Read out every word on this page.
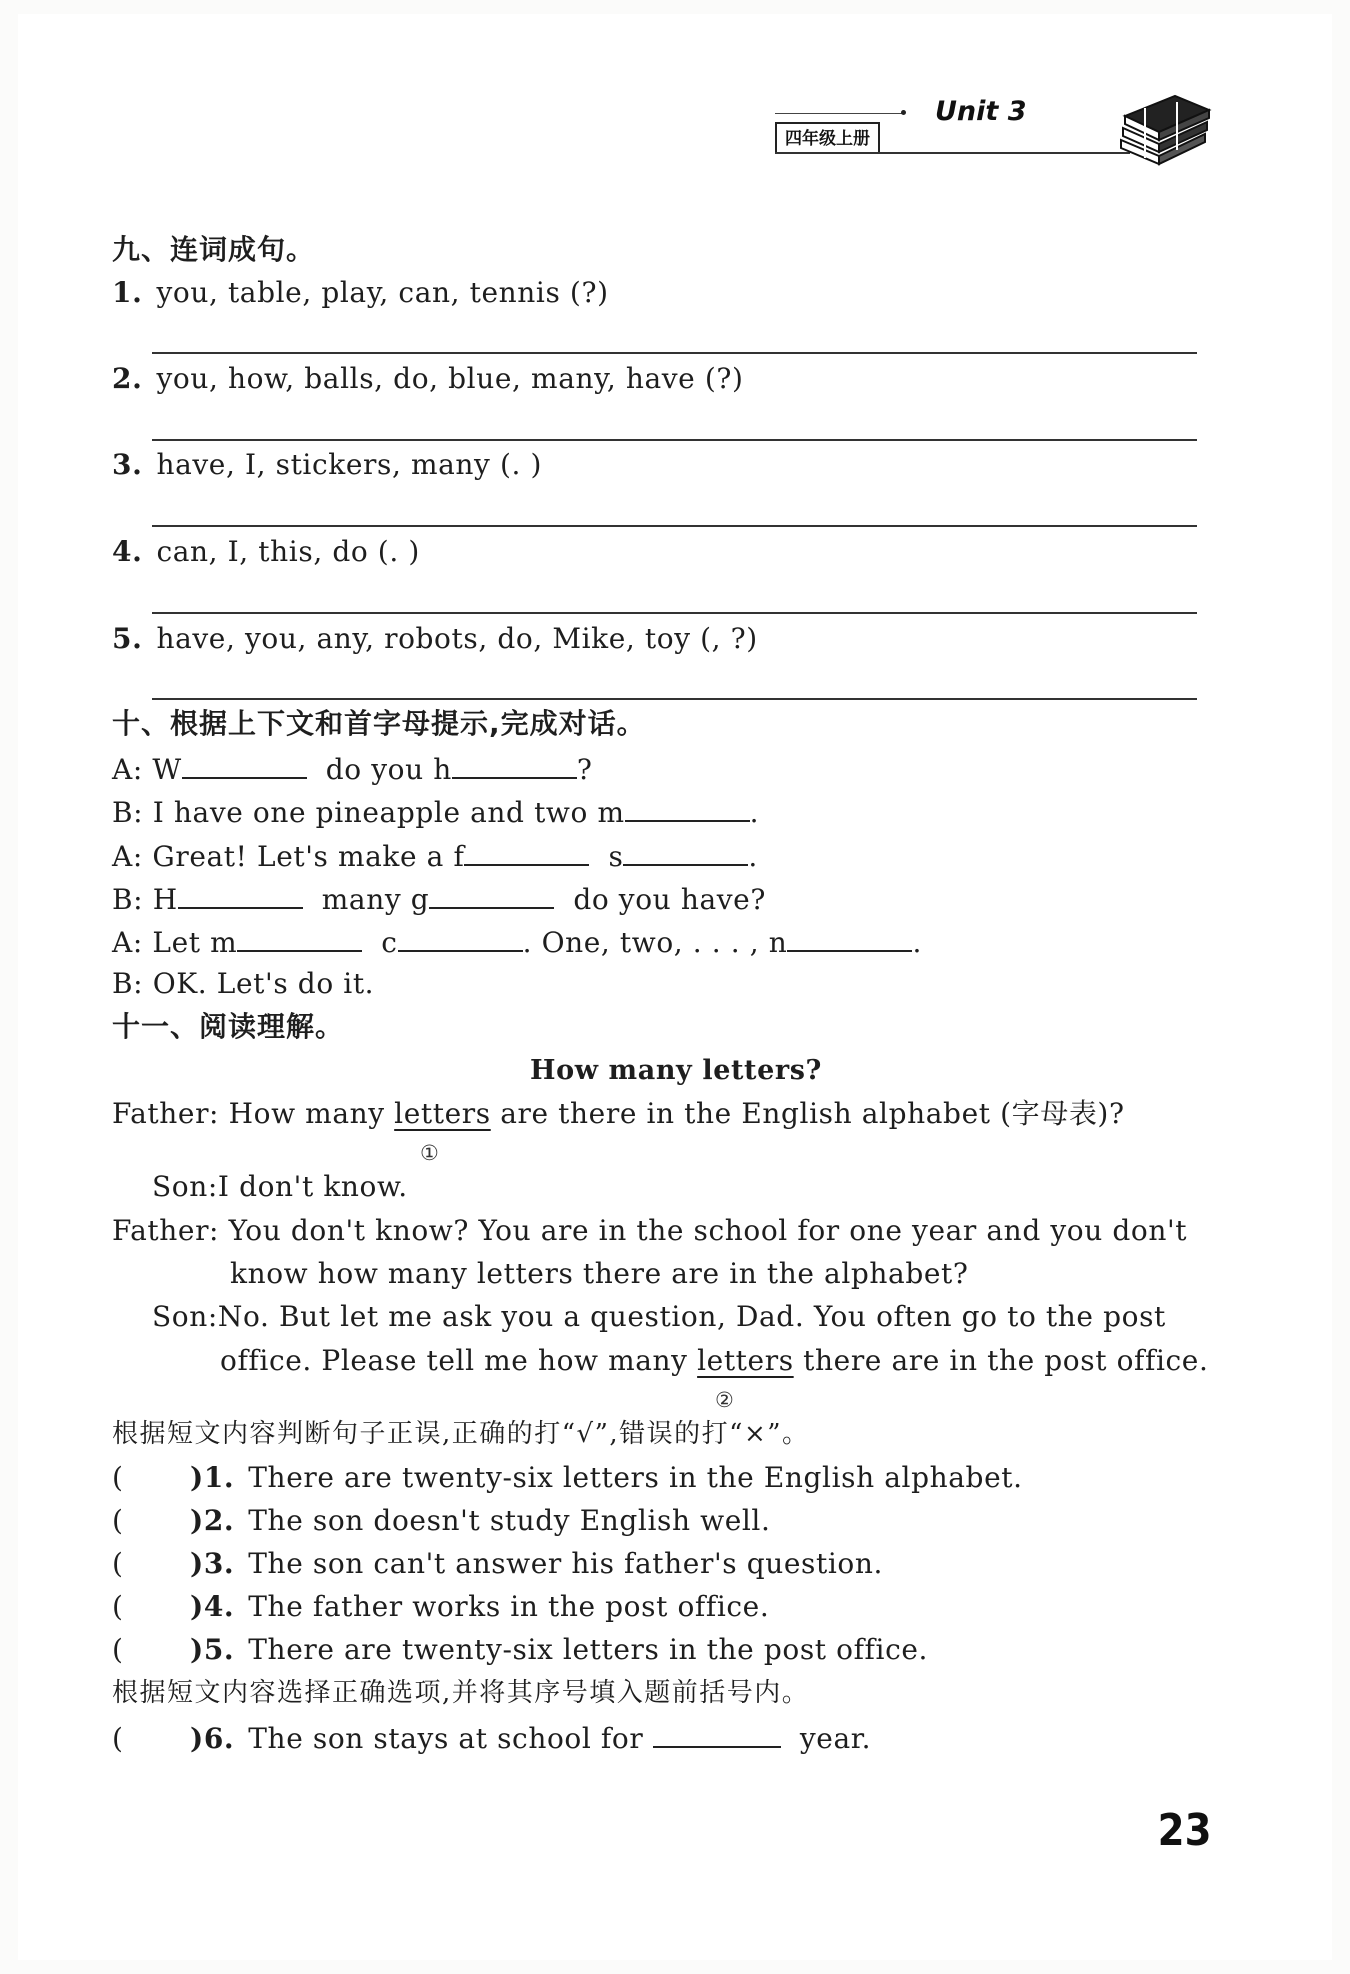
四年级上册
Unit 3
九、连词成句。
1. you, table, play, can, tennis (?)
2. you, how, balls, do, blue, many, have (?)
3. have, I, stickers, many (. )
4. can, I, this, do (. )
5. have, you, any, robots, do, Mike, toy (, ?)
十、根据上下文和首字母提示,完成对话。
A: W	do you h	?
B: I have one pineapple and two m	.
A: Great! Let's make a f	s	.
B: H	many g	do you have?
A: Let m	c	. One, two, . . . , n	.
B: OK. Let's do it.
十一、阅读理解。
How many letters?
Father: How many letters are there in the English alphabet (字母表)?
①
Son:I don't know.
Father: You don't know? You are in the school for one year and you don't
know how many letters there are in the alphabet?
Son:No. But let me ask you a question, Dad. You often go to the post
office. Please tell me how many letters there are in the post office.
②
根据短文内容判断句子正误,正确的打“√”,错误的打“×”。
( )1. There are twenty-six letters in the English alphabet.
( )2. The son doesn't study English well.
( )3. The son can't answer his father's question.
( )4. The father works in the post office.
( )5. There are twenty-six letters in the post office.
根据短文内容选择正确选项,并将其序号填入题前括号内。
( )6. The son stays at school for	year.
23
